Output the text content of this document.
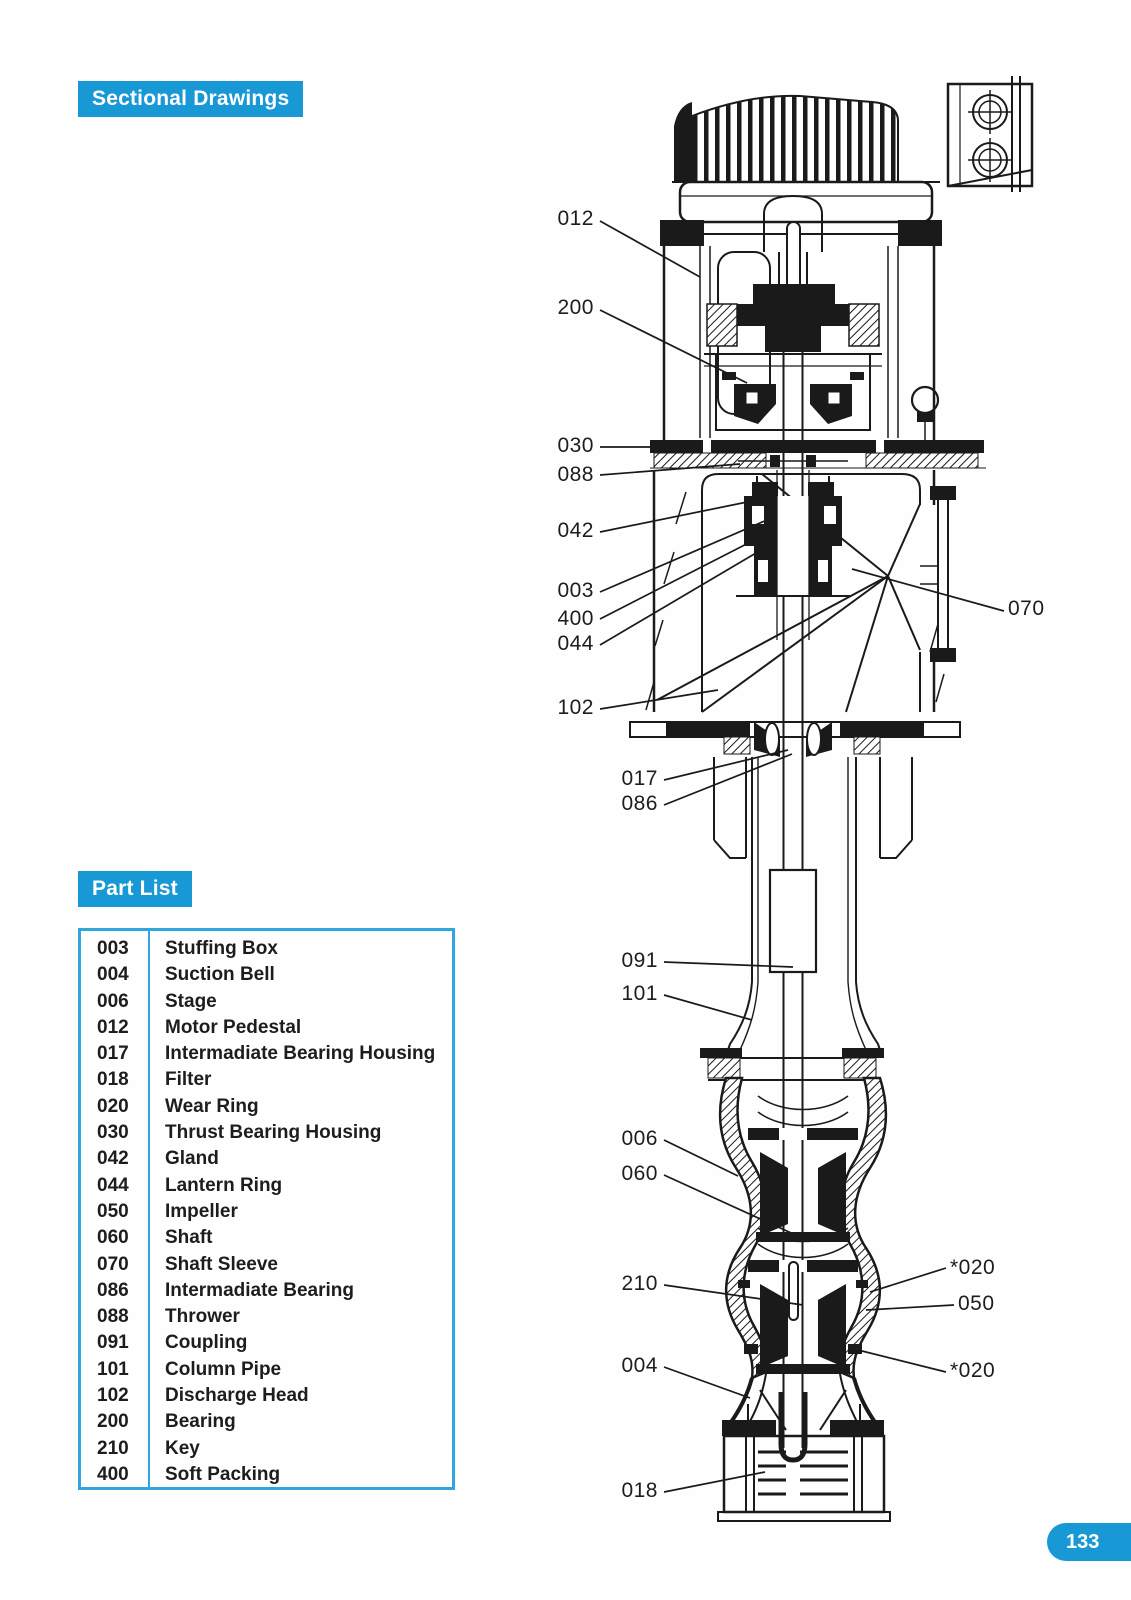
Sectional Drawings
Part List
012
200
030
088
042
003
400
044
102
070
017
086
091
101
006
060
210
004
018
*020
050
*020
003	Stuffing Box
004	Suction Bell
006	Stage
012	Motor Pedestal
017	Intermadiate Bearing Housing
018	Filter
020	Wear Ring
030	Thrust Bearing Housing
042	Gland
044	Lantern Ring
050	Impeller
060	Shaft
070	Shaft Sleeve
086	Intermadiate Bearing
088	Thrower
091	Coupling
101	Column Pipe
102	Discharge Head
200	Bearing
210	Key
400	Soft Packing
133
